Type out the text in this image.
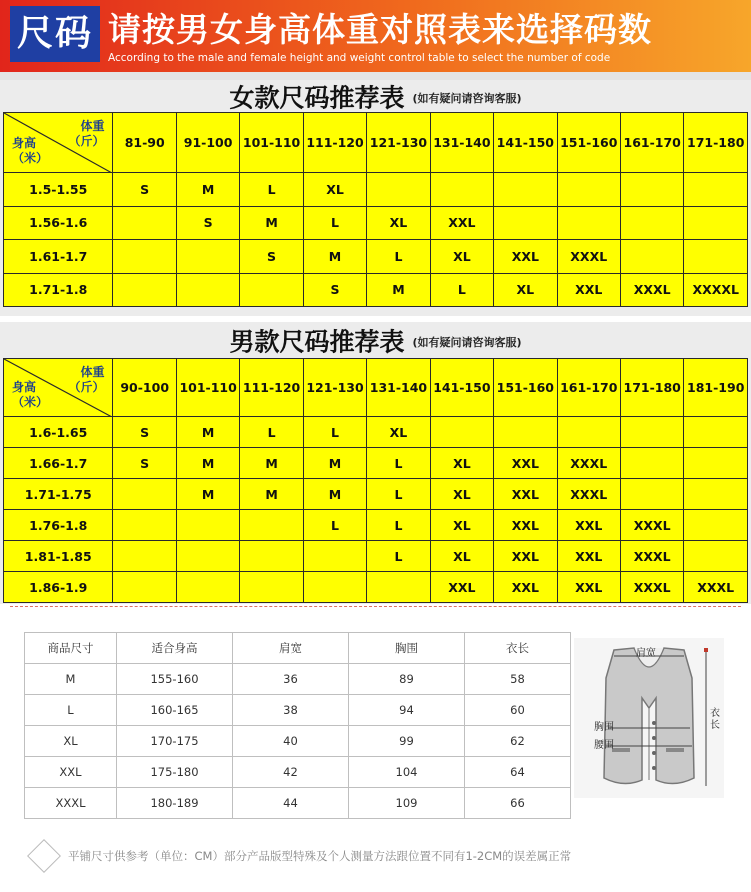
尺码 请按男女身高体重对照表来选择码数
According to the male and female height and weight control table to select the number of code
女款尺码推荐表 (如有疑问请咨询客服)
体重
（斤）
身高
（米）	81-90	91-100	101-110	111-120	121-130	131-140	141-150	151-160	161-170	171-180
1.5-1.55	S	M	L	XL						
1.56-1.6		S	M	L	XL	XXL				
1.61-1.7			S	M	L	XL	XXL	XXXL		
1.71-1.8				S	M	L	XL	XXL	XXXL	XXXXL
男款尺码推荐表 (如有疑问请咨询客服)
体重
（斤）
身高
（米）	90-100	101-110	111-120	121-130	131-140	141-150	151-160	161-170	171-180	181-190
1.6-1.65	S	M	L	L	XL					
1.66-1.7	S	M	M	M	L	XL	XXL	XXXL		
1.71-1.75		M	M	M	L	XL	XXL	XXXL		
1.76-1.8				L	L	XL	XXL	XXL	XXXL	
1.81-1.85					L	XL	XXL	XXL	XXXL	
1.86-1.9						XXL	XXL	XXL	XXXL	XXXL
商品尺寸	适合身高	肩宽	胸围	衣长
M	155-160	36	89	58
L	160-165	38	94	60
XL	170-175	40	99	62
XXL	175-180	42	104	64
XXXL	180-189	44	109	66
肩宽
胸围
腰围
衣长
平铺尺寸供参考（单位：CM）部分产品版型特殊及个人测量方法跟位置不同有1-2CM的误差属正常
